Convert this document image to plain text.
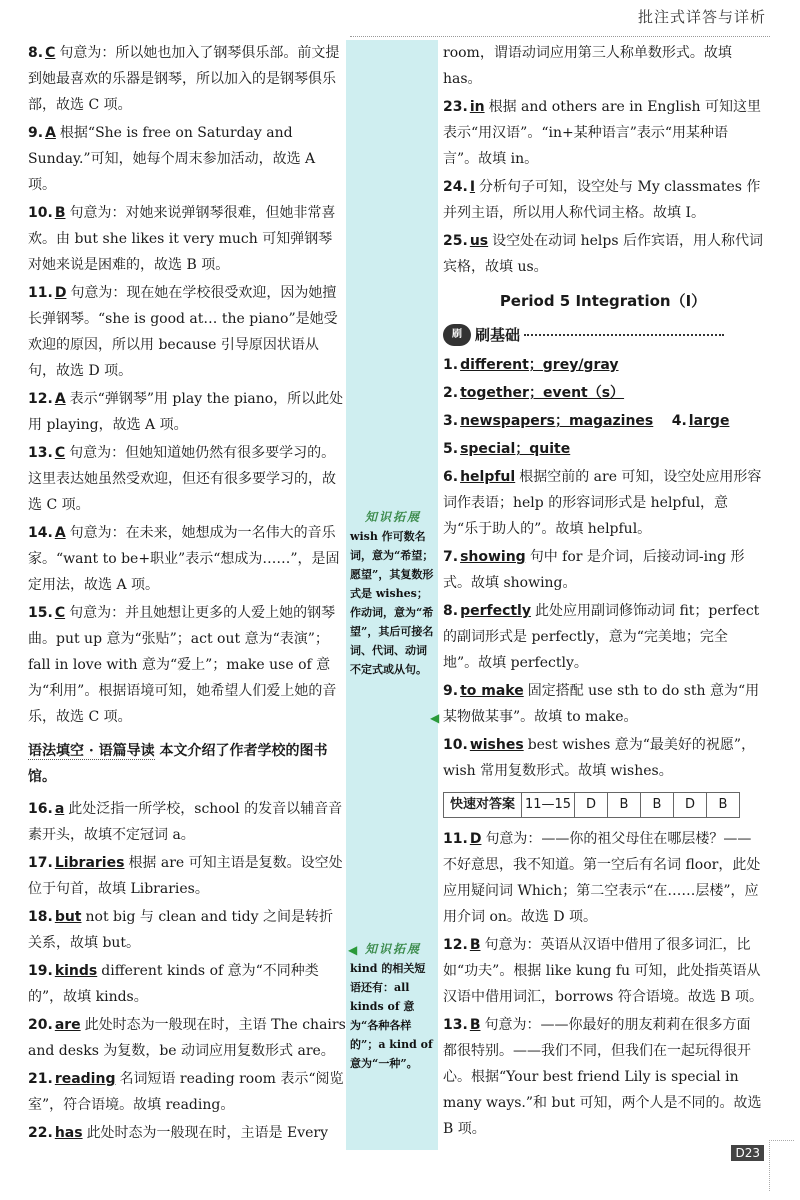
批注式详答与详析
8. C 句意为：所以她也加入了钢琴俱乐部。前文提到她最喜欢的乐器是钢琴，所以加入的是钢琴俱乐部，故选 C 项。
9. A 根据“She is free on Saturday and Sunday.”可知，她每个周末参加活动，故选 A 项。
10. B 句意为：对她来说弹钢琴很难，但她非常喜欢。由 but she likes it very much 可知弹钢琴对她来说是困难的，故选 B 项。
11. D 句意为：现在她在学校很受欢迎，因为她擅长弹钢琴。“she is good at… the piano”是她受欢迎的原因，所以用 because 引导原因状语从句，故选 D 项。
12. A 表示“弹钢琴”用 play the piano，所以此处用 playing，故选 A 项。
13. C 句意为：但她知道她仍然有很多要学习的。这里表达她虽然受欢迎，但还有很多要学习的，故选 C 项。
14. A 句意为：在未来，她想成为一名伟大的音乐家。“want to be+职业”表示“想成为……”，是固定用法，故选 A 项。
15. C 句意为：并且她想让更多的人爱上她的钢琴曲。put up 意为“张贴”；act out 意为“表演”；fall in love with 意为“爱上”；make use of 意为“利用”。根据语境可知，她希望人们爱上她的音乐，故选 C 项。
语法填空 · 语篇导读 本文介绍了作者学校的图书馆。
16. a 此处泛指一所学校，school 的发音以辅音音素开头，故填不定冠词 a。
17. Libraries 根据 are 可知主语是复数。设空处位于句首，故填 Libraries。
18. but not big 与 clean and tidy 之间是转折关系，故填 but。
19. kinds different kinds of 意为“不同种类的”，故填 kinds。
20. are 此处时态为一般现在时，主语 The chairs and desks 为复数，be 动词应用复数形式 are。
21. reading 名词短语 reading room 表示“阅览室”，符合语境。故填 reading。
22. has 此处时态为一般现在时，主语是 Every
知识拓展
wish 作可数名词，意为“希望；愿望”，其复数形式是 wishes；作动词，意为“希望”，其后可接名词、代词、动词不定式或从句。
◀
知识拓展
kind 的相关短语还有：all kinds of 意为“各种各样的”；a kind of 意为“一种”。
◀
room，谓语动词应用第三人称单数形式。故填 has。
23. in 根据 and others are in English 可知这里表示“用汉语”。“in+某种语言”表示“用某种语言”。故填 in。
24. I 分析句子可知，设空处与 My classmates 作并列主语，所以用人称代词主格。故填 I。
25. us 设空处在动词 helps 后作宾语，用人称代词宾格，故填 us。
Period 5 Integration（Ⅰ）
刷 刷基础
1. different；grey/gray
2. together；event（s）
3. newspapers；magazines 4. large
5. special；quite
6. helpful 根据空前的 are 可知，设空处应用形容词作表语；help 的形容词形式是 helpful，意为“乐于助人的”。故填 helpful。
7. showing 句中 for 是介词，后接动词-ing 形式。故填 showing。
8. perfectly 此处应用副词修饰动词 fit；perfect 的副词形式是 perfectly，意为“完美地；完全地”。故填 perfectly。
9. to make 固定搭配 use sth to do sth 意为“用某物做某事”。故填 to make。
10. wishes best wishes 意为“最美好的祝愿”，wish 常用复数形式。故填 wishes。
快速对答案 11—15	D	B	B	D	B
11. D 句意为：——你的祖父母住在哪层楼？——不好意思，我不知道。第一空后有名词 floor，此处应用疑问词 Which；第二空表示“在……层楼”，应用介词 on。故选 D 项。
12. B 句意为：英语从汉语中借用了很多词汇，比如“功夫”。根据 like kung fu 可知，此处指英语从汉语中借用词汇，borrows 符合语境。故选 B 项。
13. B 句意为：——你最好的朋友莉莉在很多方面都很特别。——我们不同，但我们在一起玩得很开心。根据“Your best friend Lily is special in many ways.”和 but 可知，两个人是不同的。故选 B 项。
D23
